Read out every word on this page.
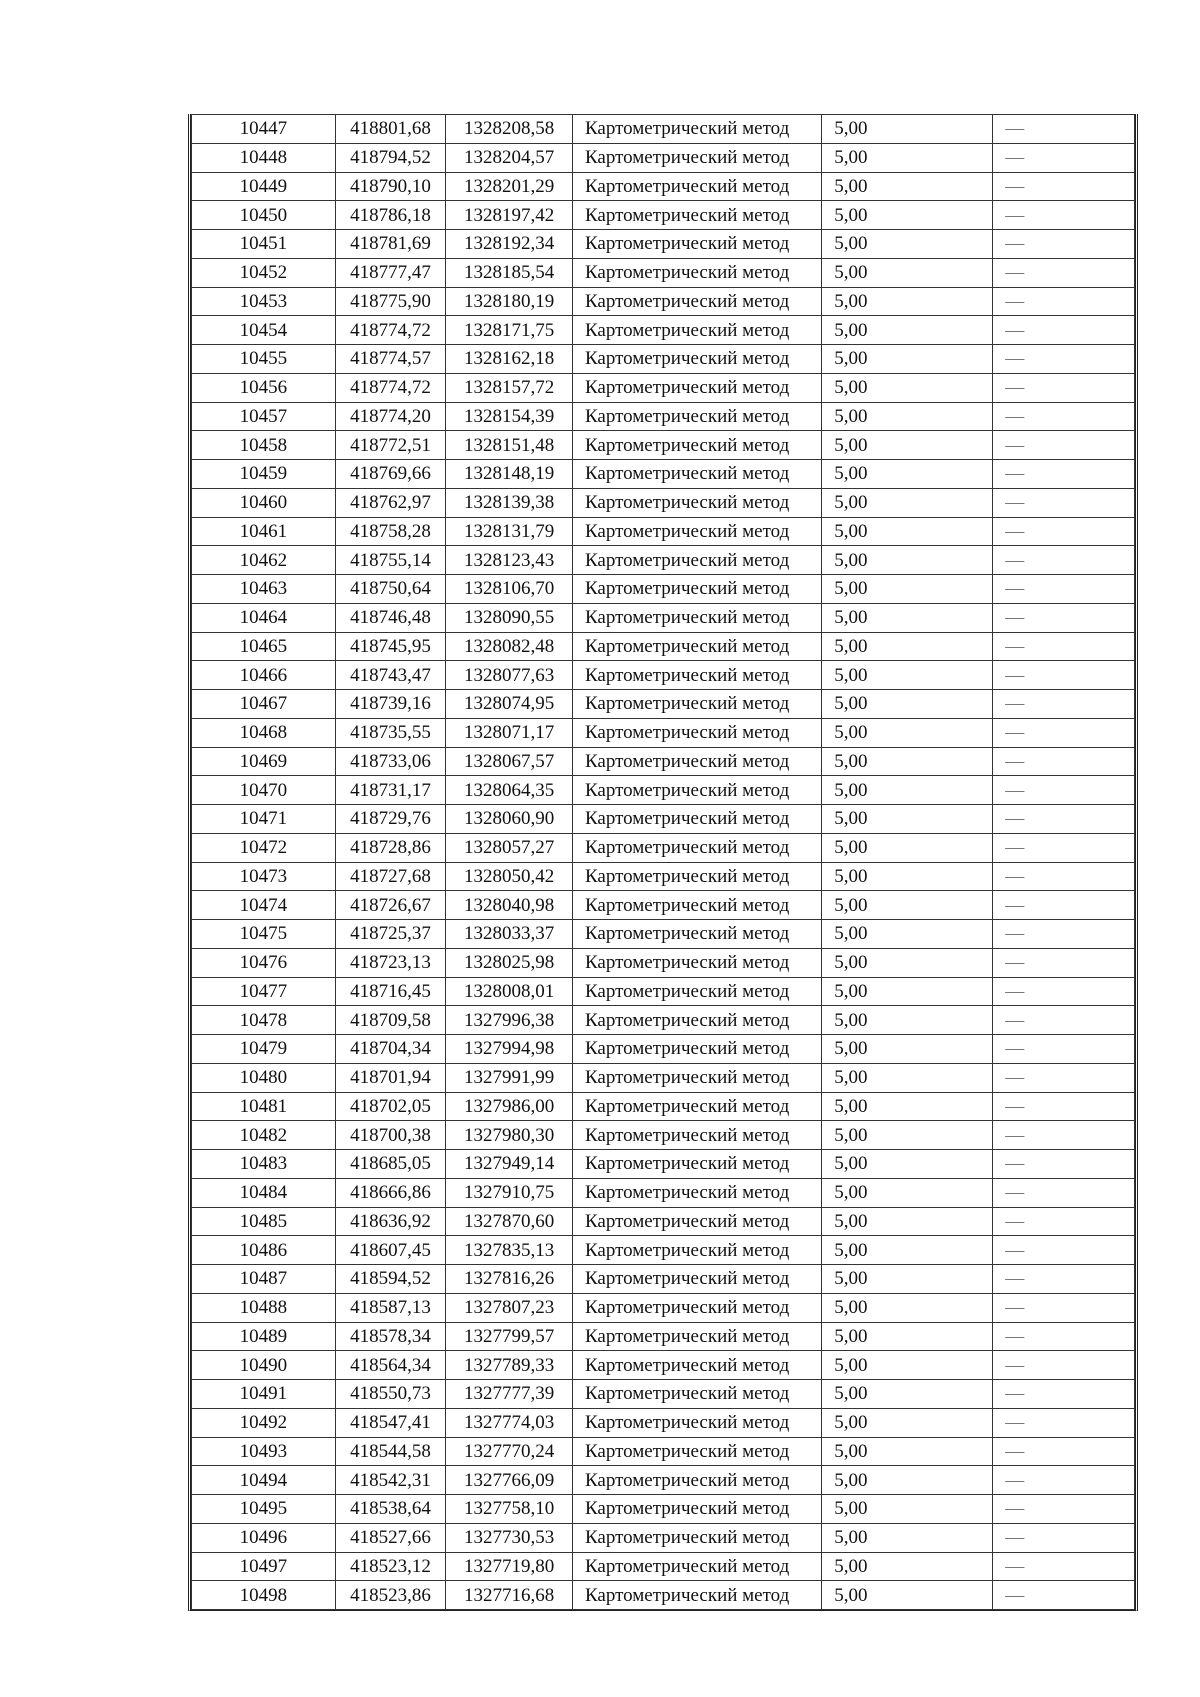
10447	418801,68	1328208,58	Картометрический метод	5,00	—
10448	418794,52	1328204,57	Картометрический метод	5,00	—
10449	418790,10	1328201,29	Картометрический метод	5,00	—
10450	418786,18	1328197,42	Картометрический метод	5,00	—
10451	418781,69	1328192,34	Картометрический метод	5,00	—
10452	418777,47	1328185,54	Картометрический метод	5,00	—
10453	418775,90	1328180,19	Картометрический метод	5,00	—
10454	418774,72	1328171,75	Картометрический метод	5,00	—
10455	418774,57	1328162,18	Картометрический метод	5,00	—
10456	418774,72	1328157,72	Картометрический метод	5,00	—
10457	418774,20	1328154,39	Картометрический метод	5,00	—
10458	418772,51	1328151,48	Картометрический метод	5,00	—
10459	418769,66	1328148,19	Картометрический метод	5,00	—
10460	418762,97	1328139,38	Картометрический метод	5,00	—
10461	418758,28	1328131,79	Картометрический метод	5,00	—
10462	418755,14	1328123,43	Картометрический метод	5,00	—
10463	418750,64	1328106,70	Картометрический метод	5,00	—
10464	418746,48	1328090,55	Картометрический метод	5,00	—
10465	418745,95	1328082,48	Картометрический метод	5,00	—
10466	418743,47	1328077,63	Картометрический метод	5,00	—
10467	418739,16	1328074,95	Картометрический метод	5,00	—
10468	418735,55	1328071,17	Картометрический метод	5,00	—
10469	418733,06	1328067,57	Картометрический метод	5,00	—
10470	418731,17	1328064,35	Картометрический метод	5,00	—
10471	418729,76	1328060,90	Картометрический метод	5,00	—
10472	418728,86	1328057,27	Картометрический метод	5,00	—
10473	418727,68	1328050,42	Картометрический метод	5,00	—
10474	418726,67	1328040,98	Картометрический метод	5,00	—
10475	418725,37	1328033,37	Картометрический метод	5,00	—
10476	418723,13	1328025,98	Картометрический метод	5,00	—
10477	418716,45	1328008,01	Картометрический метод	5,00	—
10478	418709,58	1327996,38	Картометрический метод	5,00	—
10479	418704,34	1327994,98	Картометрический метод	5,00	—
10480	418701,94	1327991,99	Картометрический метод	5,00	—
10481	418702,05	1327986,00	Картометрический метод	5,00	—
10482	418700,38	1327980,30	Картометрический метод	5,00	—
10483	418685,05	1327949,14	Картометрический метод	5,00	—
10484	418666,86	1327910,75	Картометрический метод	5,00	—
10485	418636,92	1327870,60	Картометрический метод	5,00	—
10486	418607,45	1327835,13	Картометрический метод	5,00	—
10487	418594,52	1327816,26	Картометрический метод	5,00	—
10488	418587,13	1327807,23	Картометрический метод	5,00	—
10489	418578,34	1327799,57	Картометрический метод	5,00	—
10490	418564,34	1327789,33	Картометрический метод	5,00	—
10491	418550,73	1327777,39	Картометрический метод	5,00	—
10492	418547,41	1327774,03	Картометрический метод	5,00	—
10493	418544,58	1327770,24	Картометрический метод	5,00	—
10494	418542,31	1327766,09	Картометрический метод	5,00	—
10495	418538,64	1327758,10	Картометрический метод	5,00	—
10496	418527,66	1327730,53	Картометрический метод	5,00	—
10497	418523,12	1327719,80	Картометрический метод	5,00	—
10498	418523,86	1327716,68	Картометрический метод	5,00	—
